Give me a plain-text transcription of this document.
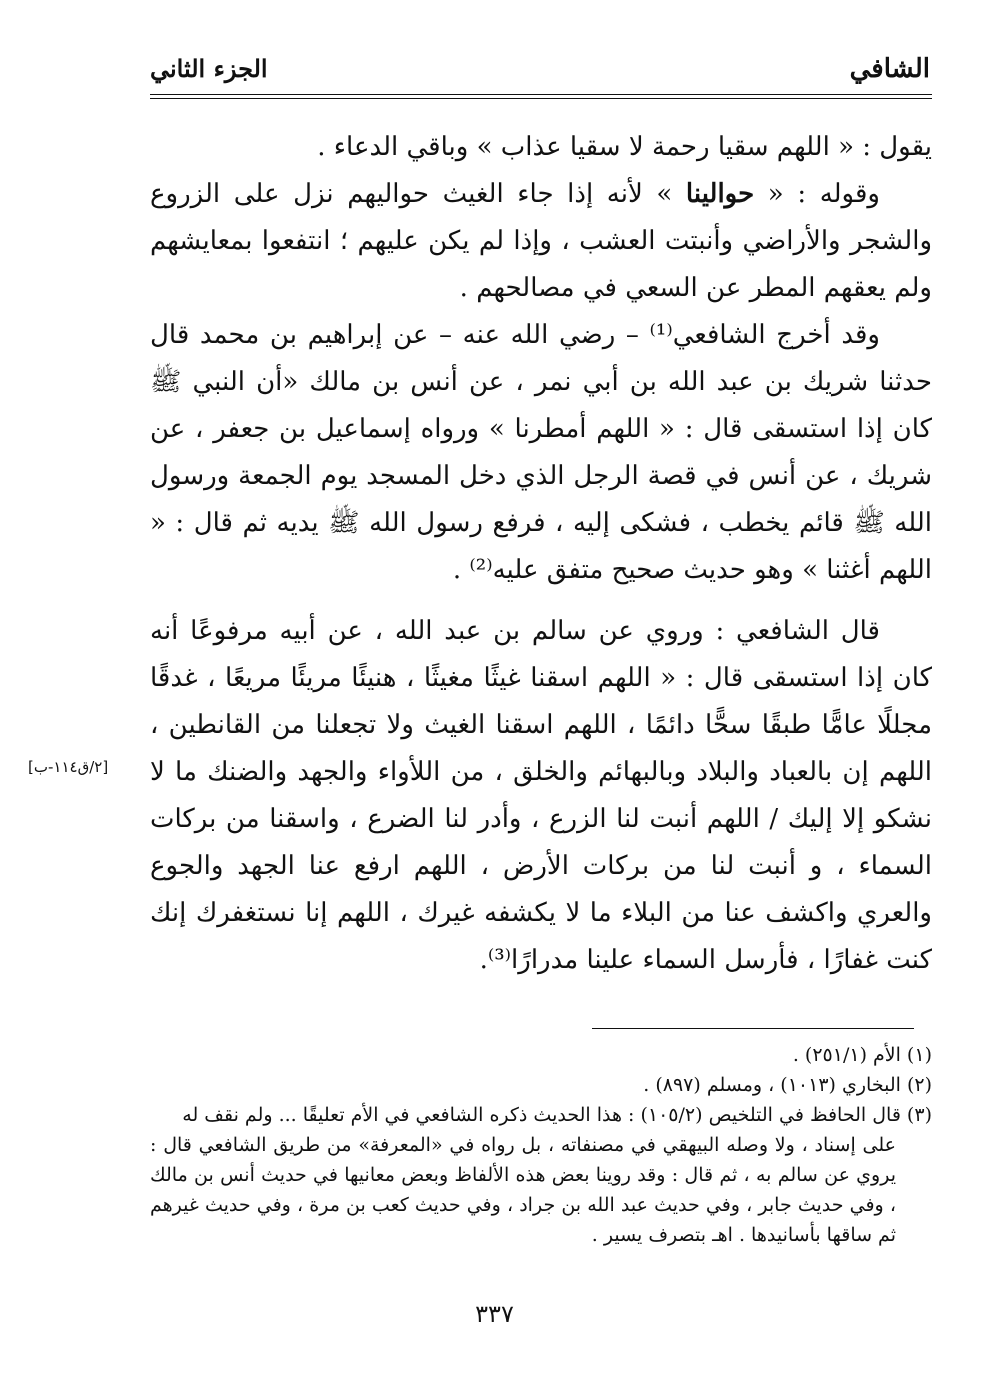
الشافي
الجزء الثاني

يقول : « اللهم سقيا رحمة لا سقيا عذاب » وباقي الدعاء .

وقوله : « حوالينا » لأنه إذا جاء الغيث حواليهم نزل على الزروع والشجر والأراضي وأنبتت العشب ، وإذا لم يكن عليهم ؛ انتفعوا بمعايشهم ولم يعقهم المطر عن السعي في مصالحهم .

وقد أخرج الشافعي⁽¹⁾ – رضي الله عنه – عن إبراهيم بن محمد قال حدثنا شريك بن عبد الله بن أبي نمر ، عن أنس بن مالك «أن النبي ﷺ كان إذا استسقى قال : « اللهم أمطرنا » ورواه إسماعيل بن جعفر ، عن شريك ، عن أنس في قصة الرجل الذي دخل المسجد يوم الجمعة ورسول الله ﷺ قائم يخطب ، فشكى إليه ، فرفع رسول الله ﷺ يديه ثم قال : « اللهم أغثنا » وهو حديث صحيح متفق عليه⁽²⁾ .

قال الشافعي : وروي عن سالم بن عبد الله ، عن أبيه مرفوعًا أنه كان إذا استسقى قال : « اللهم اسقنا غيثًا مغيثًا ، هنيئًا مريئًا مريعًا ، غدقًا مجللًا عامًّا طبقًا سحًّا دائمًا ، اللهم اسقنا الغيث ولا تجعلنا من القانطين ، اللهم إن بالعباد والبلاد وبالبهائم والخلق ، من اللأواء والجهد والضنك ما لا نشكو إلا إليك / اللهم أنبت لنا الزرع ، وأدر لنا الضرع ، واسقنا من بركات السماء ، و أنبت لنا من بركات الأرض ، اللهم ارفع عنا الجهد والجوع والعري واكشف عنا من البلاء ما لا يكشفه غيرك ، اللهم إنا نستغفرك إنك كنت غفارًا ، فأرسل السماء علينا مدرارًا⁽³⁾.

[٢/ق١١٤-ب]

(١) الأم (٢٥١/١) .

(٢) البخاري (١٠١٣) ، ومسلم (٨٩٧) .

(٣) قال الحافظ في التلخيص (١٠٥/٢) : هذا الحديث ذكره الشافعي في الأم تعليقًا ... ولم نقف له

على إسناد ، ولا وصله البيهقي في مصنفاته ، بل رواه في «المعرفة» من طريق الشافعي قال : يروي عن سالم به ، ثم قال : وقد روينا بعض هذه الألفاظ وبعض معانيها في حديث أنس بن مالك ، وفي حديث جابر ، وفي حديث عبد الله بن جراد ، وفي حديث كعب بن مرة ، وفي حديث غيرهم ثم ساقها بأسانيدها . اهـ بتصرف يسير .

٣٣٧
